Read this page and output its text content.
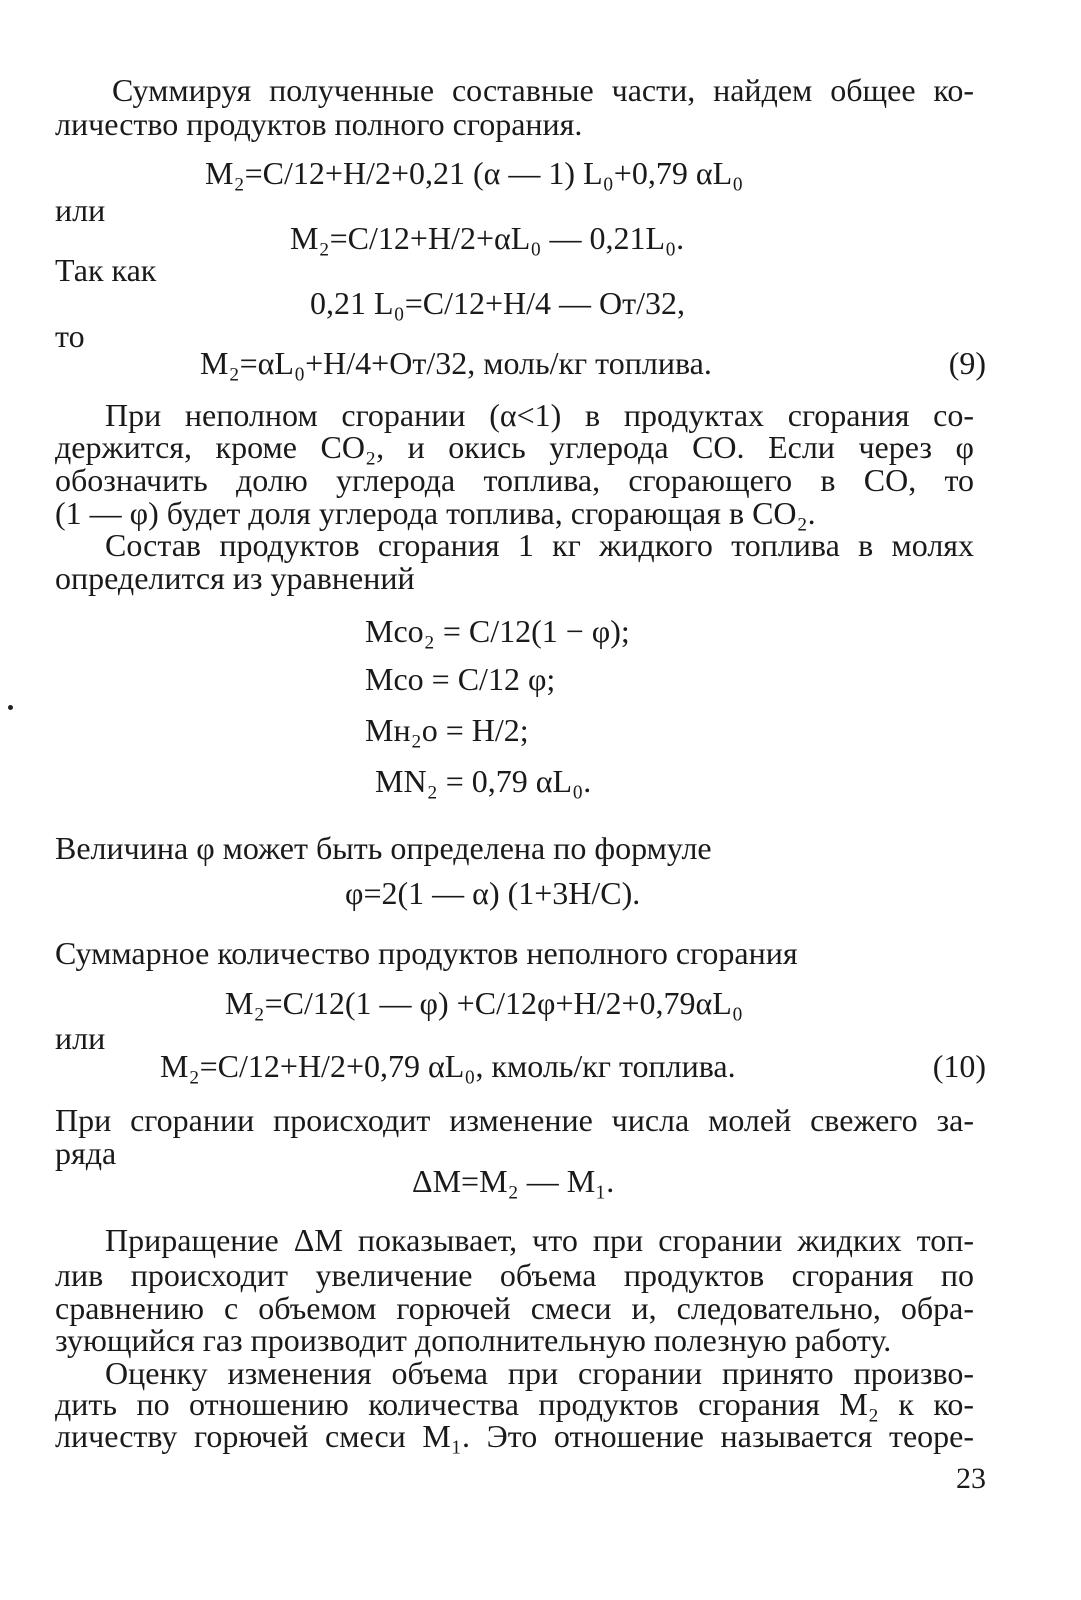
Суммируя полученные составные части, найдем общее ко-
личество продуктов полного сгорания.
M₂=C/12+H/2+0,21 (α — 1) L₀+0,79 αL₀
или
M₂=C/12+H/2+αL₀ — 0,21L₀.
Так как
0,21 L₀=C/12+H/4 — Oт/32,
то
M₂=αL₀+H/4+Oт/32, моль/кг топлива.	(9)
При неполном сгорании (α<1) в продуктах сгорания со-
держится, кроме CO₂, и окись углерода CO. Если через φ
обозначить долю углерода топлива, сгорающего в CO, то
(1 — φ) будет доля углерода топлива, сгорающая в CO₂.
Состав продуктов сгорания 1 кг жидкого топлива в молях
определится из уравнений
Mсо₂ = C/12(1 − φ);
Mсо = C/12 φ;
Mн₂о = H/2;
MN₂ = 0,79 αL₀.
Величина φ может быть определена по формуле
φ=2(1 — α) (1+3H/C).
Суммарное количество продуктов неполного сгорания
M₂=C/12(1 — φ) +C/12φ+H/2+0,79αL₀
или
M₂=C/12+H/2+0,79 αL₀, кмоль/кг топлива.	(10)
При сгорании происходит изменение числа молей свежего за-
ряда
ΔM=M₂ — M₁.
Приращение ΔM показывает, что при сгорании жидких топ-
лив происходит увеличение объема продуктов сгорания по
сравнению с объемом горючей смеси и, следовательно, обра-
зующийся газ производит дополнительную полезную работу.
Оценку изменения объема при сгорании принято произво-
дить по отношению количества продуктов сгорания M₂ к ко-
личеству горючей смеси M₁. Это отношение называется теоре-
23
